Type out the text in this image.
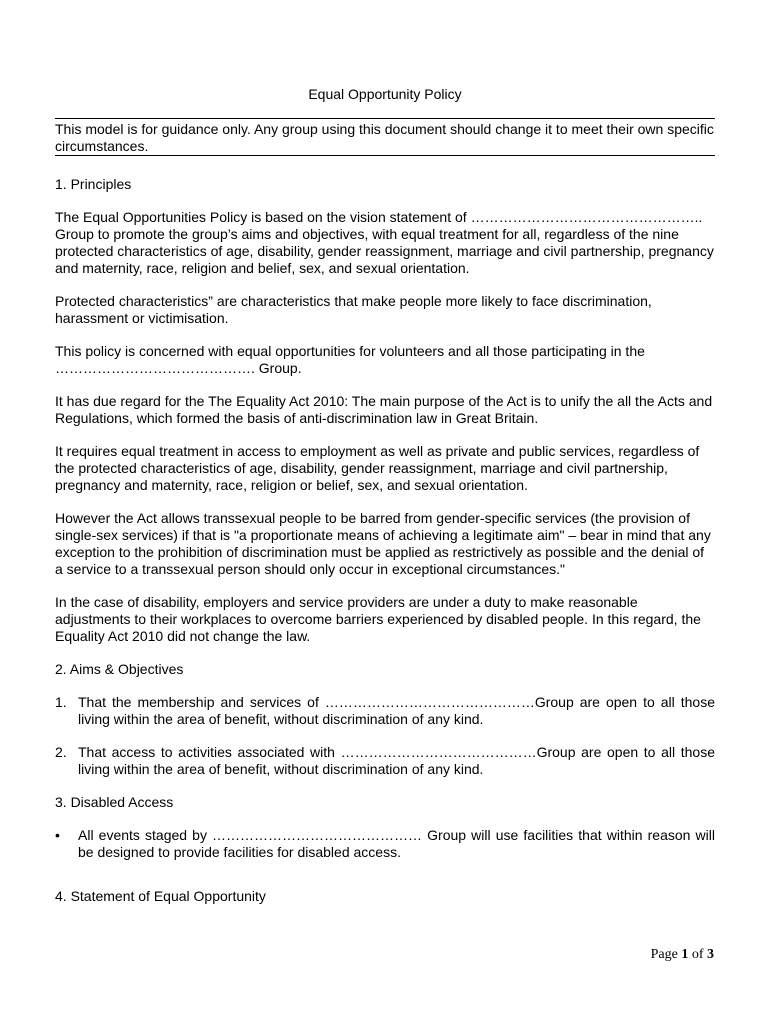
Equal Opportunity Policy

This model is for guidance only. Any group using this document should change it to meet their own specific circumstances.

1. Principles

The Equal Opportunities Policy is based on the vision statement of ………………………………………….. Group to promote the group’s aims and objectives, with equal treatment for all, regardless of the nine protected characteristics of age, disability, gender reassignment, marriage and civil partnership, pregnancy and maternity, race, religion and belief, sex, and sexual orientation.

Protected characteristics” are characteristics that make people more likely to face discrimination, harassment or victimisation.

This policy is concerned with equal opportunities for volunteers and all those participating in the ……………………………………. Group.

It has due regard for the The Equality Act 2010: The main purpose of the Act is to unify the all the Acts and Regulations, which formed the basis of anti-discrimination law in Great Britain.

It requires equal treatment in access to employment as well as private and public services, regardless of the protected characteristics of age, disability, gender reassignment, marriage and civil partnership, pregnancy and maternity, race, religion or belief, sex, and sexual orientation.

However the Act allows transsexual people to be barred from gender-specific services (the provision of single-sex services) if that is "a proportionate means of achieving a legitimate aim" – bear in mind that any exception to the prohibition of discrimination must be applied as restrictively as possible and the denial of a service to a transsexual person should only occur in exceptional circumstances."

In the case of disability, employers and service providers are under a duty to make reasonable adjustments to their workplaces to overcome barriers experienced by disabled people. In this regard, the Equality Act 2010 did not change the law.

2. Aims & Objectives

1. That the membership and services of ………………………………………Group are open to all those living within the area of benefit, without discrimination of any kind.
2. That access to activities associated with ……………………………………Group are open to all those living within the area of benefit, without discrimination of any kind.

3. Disabled Access

• All events staged by ……………………………………… Group will use facilities that within reason will be designed to provide facilities for disabled access.

4. Statement of Equal Opportunity

Page 1 of 3
